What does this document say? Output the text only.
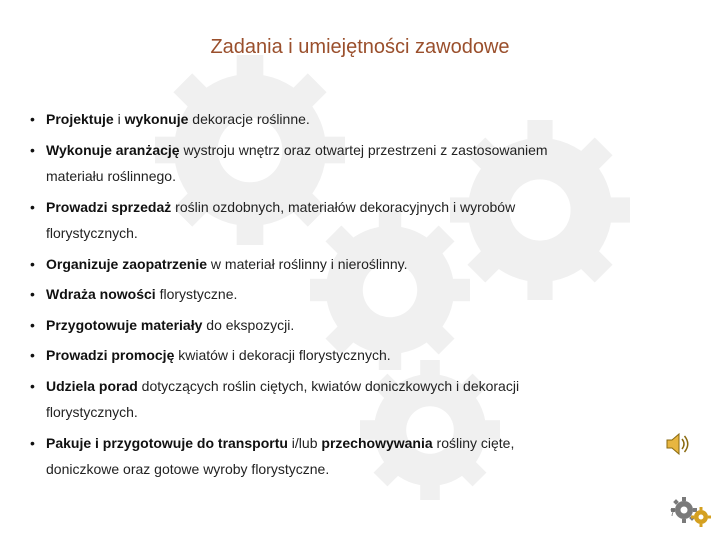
Zadania i umiejętności zawodowe
• Projektuje i wykonuje dekoracje roślinne.
• Wykonuje aranżację wystroju wnętrz oraz otwartej przestrzeni z zastosowaniem
materiału roślinnego.
• Prowadzi sprzedaż roślin ozdobnych, materiałów dekoracyjnych i wyrobów
florystycznych.
• Organizuje zaopatrzenie w materiał roślinny i nieroślinny.
• Wdraża nowości florystyczne.
• Przygotowuje materiały do ekspozycji.
• Prowadzi promocję kwiatów i dekoracji florystycznych.
• Udziela porad dotyczących roślin ciętych, kwiatów doniczkowych i dekoracji
florystycznych.
• Pakuje i przygotowuje do transportu i/lub przechowywania rośliny cięte,
doniczkowe oraz gotowe wyroby florystyczne.
7
